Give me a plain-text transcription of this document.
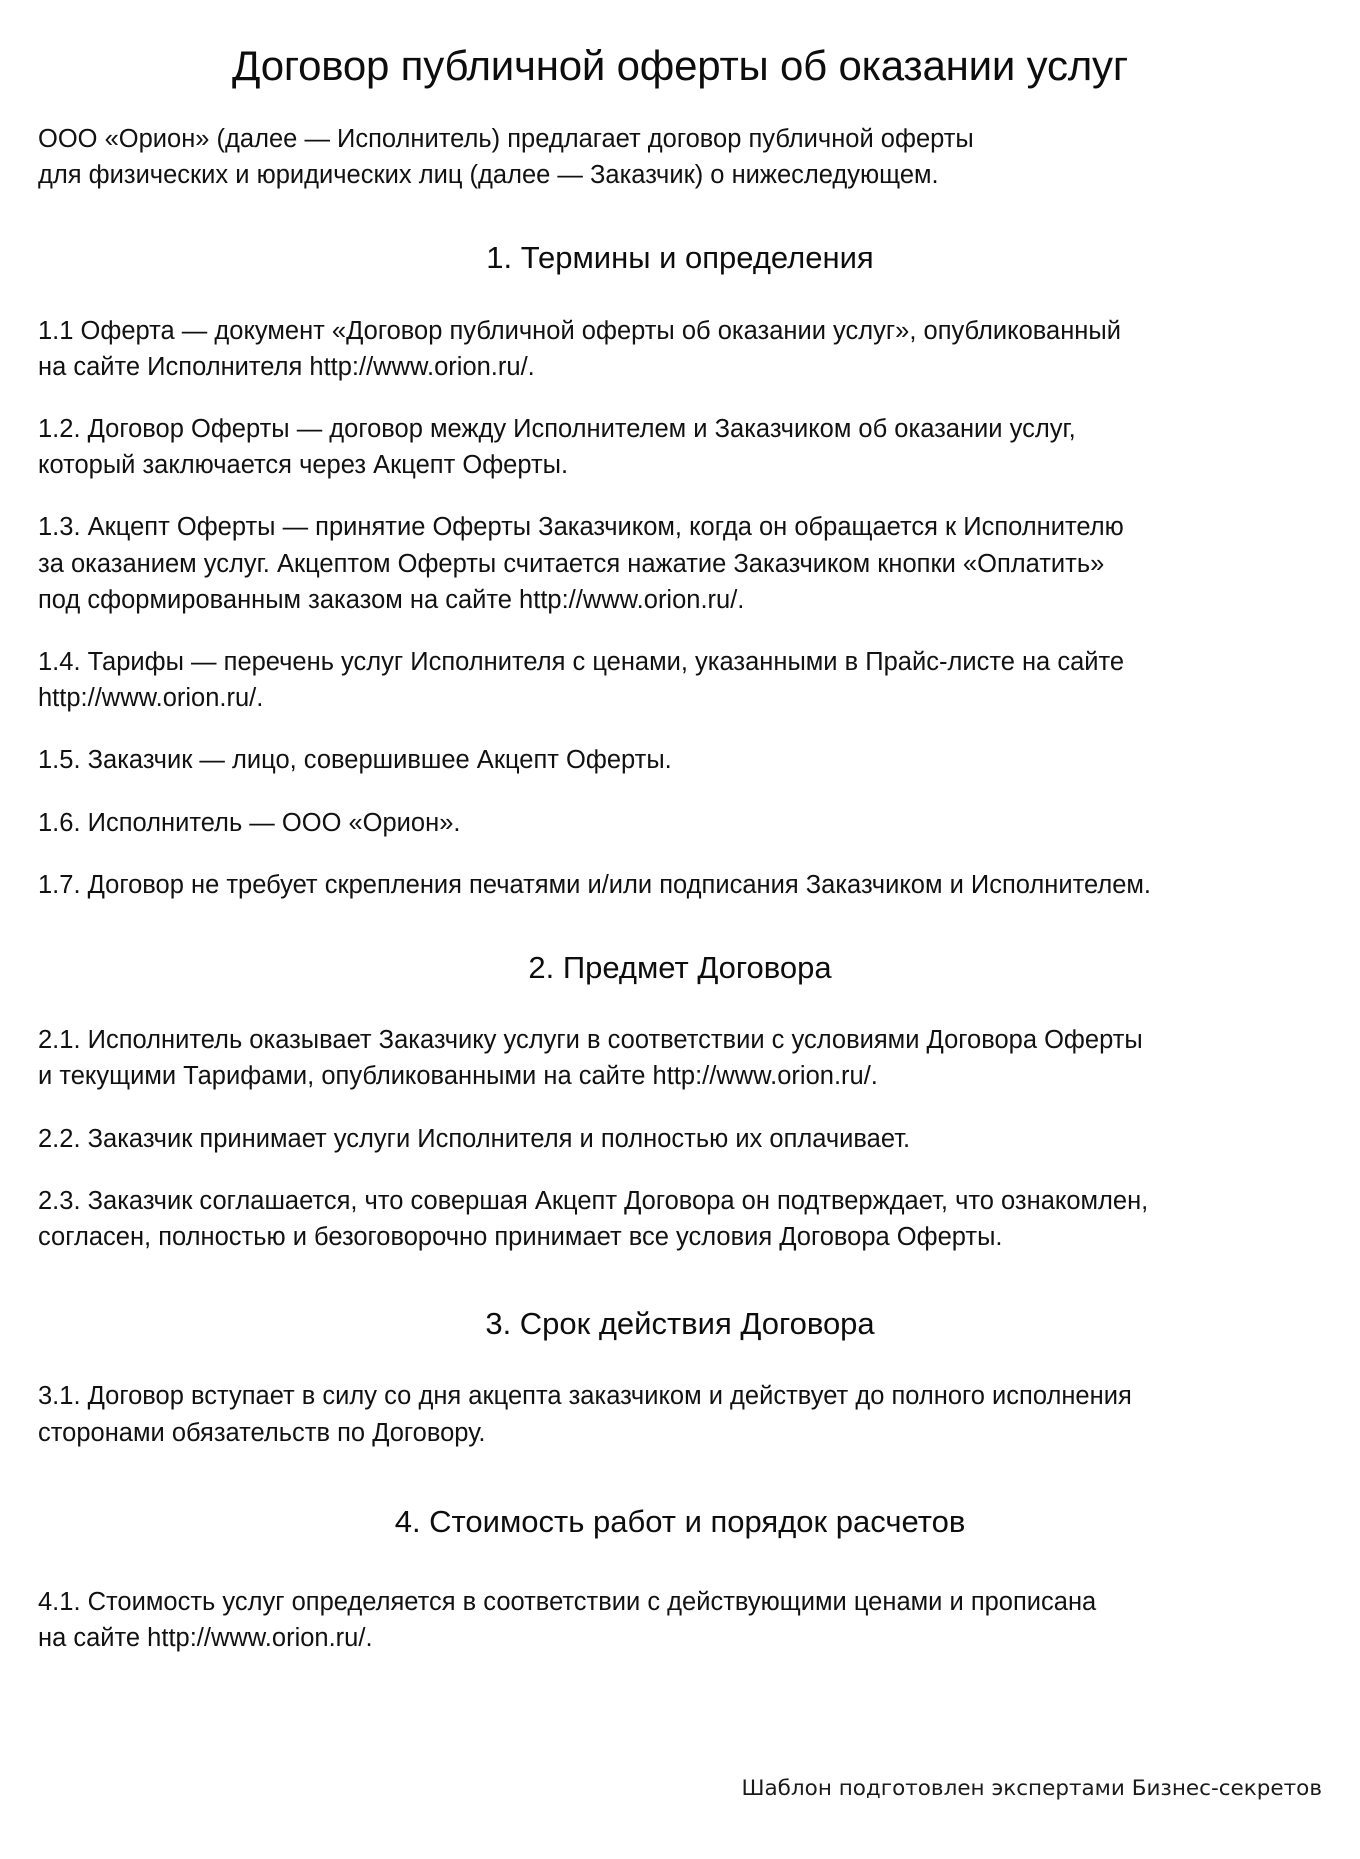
Договор публичной оферты об оказании услуг

ООО «Орион» (далее — Исполнитель) предлагает договор публичной оферты
для физических и юридических лиц (далее — Заказчик) о нижеследующем.

1. Термины и определения

1.1 Оферта — документ «Договор публичной оферты об оказании услуг», опубликованный
на сайте Исполнителя http://www.orion.ru/.

1.2. Договор Оферты — договор между Исполнителем и Заказчиком об оказании услуг,
который заключается через Акцепт Оферты.

1.3. Акцепт Оферты — принятие Оферты Заказчиком, когда он обращается к Исполнителю
за оказанием услуг. Акцептом Оферты считается нажатие Заказчиком кнопки «Оплатить»
под сформированным заказом на сайте http://www.orion.ru/.

1.4. Тарифы — перечень услуг Исполнителя с ценами, указанными в Прайс-листе на сайте
http://www.orion.ru/.

1.5. Заказчик — лицо, совершившее Акцепт Оферты.

1.6. Исполнитель — ООО «Орион».

1.7. Договор не требует скрепления печатями и/или подписания Заказчиком и Исполнителем.

2. Предмет Договора

2.1. Исполнитель оказывает Заказчику услуги в соответствии с условиями Договора Оферты
и текущими Тарифами, опубликованными на сайте http://www.orion.ru/.

2.2. Заказчик принимает услуги Исполнителя и полностью их оплачивает.

2.3. Заказчик соглашается, что совершая Акцепт Договора он подтверждает, что ознакомлен,
согласен, полностью и безоговорочно принимает все условия Договора Оферты.

3. Срок действия Договора

3.1. Договор вступает в силу со дня акцепта заказчиком и действует до полного исполнения
сторонами обязательств по Договору.

4. Стоимость работ и порядок расчетов

4.1. Стоимость услуг определяется в соответствии с действующими ценами и прописана
на сайте http://www.orion.ru/.

Шаблон подготовлен экспертами Бизнес-секретов
